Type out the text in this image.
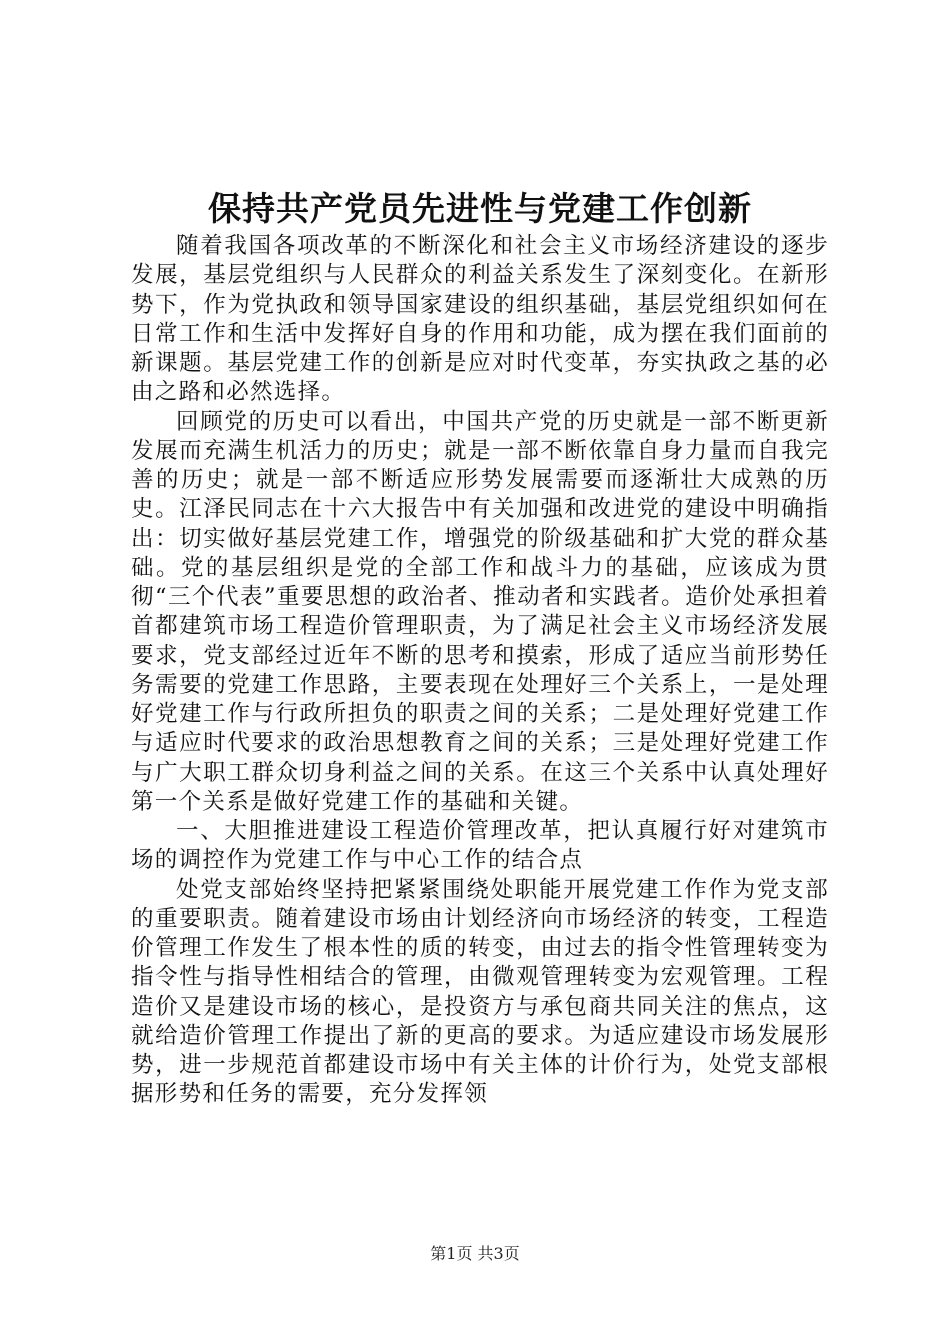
保持共产党员先进性与党建工作创新

随着我国各项改革的不断深化和社会主义市场经济建设的逐步发展，基层党组织与人民群众的利益关系发生了深刻变化。在新形势下，作为党执政和领导国家建设的组织基础，基层党组织如何在日常工作和生活中发挥好自身的作用和功能，成为摆在我们面前的新课题。基层党建工作的创新是应对时代变革，夯实执政之基的必由之路和必然选择。

回顾党的历史可以看出，中国共产党的历史就是一部不断更新发展而充满生机活力的历史；就是一部不断依靠自身力量而自我完善的历史；就是一部不断适应形势发展需要而逐渐壮大成熟的历史。江泽民同志在十六大报告中有关加强和改进党的建设中明确指出：切实做好基层党建工作，增强党的阶级基础和扩大党的群众基础。党的基层组织是党的全部工作和战斗力的基础，应该成为贯彻“三个代表”重要思想的政治者、推动者和实践者。造价处承担着首都建筑市场工程造价管理职责，为了满足社会主义市场经济发展要求，党支部经过近年不断的思考和摸索，形成了适应当前形势任务需要的党建工作思路，主要表现在处理好三个关系上，一是处理好党建工作与行政所担负的职责之间的关系；二是处理好党建工作与适应时代要求的政治思想教育之间的关系；三是处理好党建工作与广大职工群众切身利益之间的关系。在这三个关系中认真处理好第一个关系是做好党建工作的基础和关键。

一、大胆推进建设工程造价管理改革，把认真履行好对建筑市场的调控作为党建工作与中心工作的结合点

处党支部始终坚持把紧紧围绕处职能开展党建工作作为党支部的重要职责。随着建设市场由计划经济向市场经济的转变，工程造价管理工作发生了根本性的质的转变，由过去的指令性管理转变为指令性与指导性相结合的管理，由微观管理转变为宏观管理。工程造价又是建设市场的核心，是投资方与承包商共同关注的焦点，这就给造价管理工作提出了新的更高的要求。为适应建设市场发展形势，进一步规范首都建设市场中有关主体的计价行为，处党支部根据形势和任务的需要，充分发挥领

第1页 共3页
